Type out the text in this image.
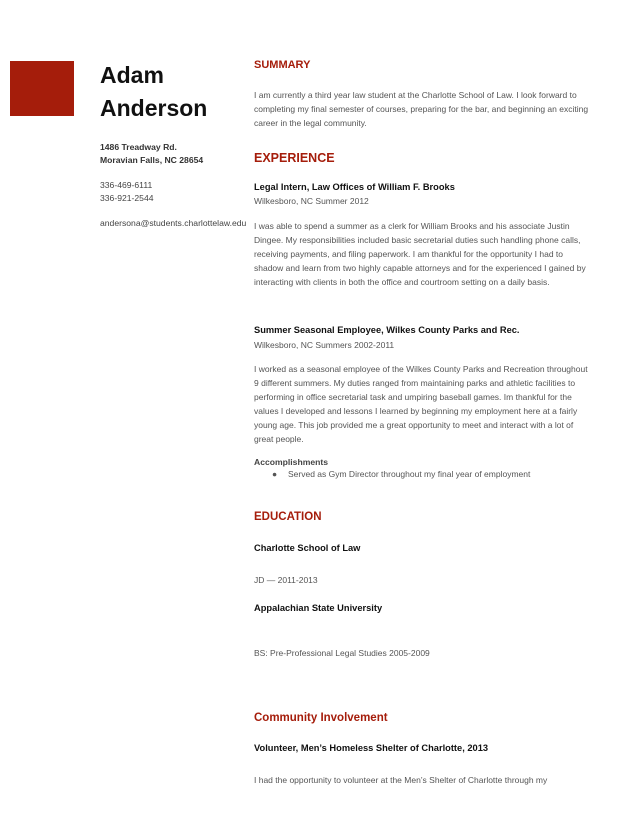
Adam
Anderson
1486 Treadway Rd.
Moravian Falls, NC 28654
336-469-6111
336-921-2544
andersona@students.charlottelaw.edu
SUMMARY
I am currently a third year law student at the Charlotte School of Law. I look forward to completing my final semester of courses, preparing for the bar, and beginning an exciting career in the legal community.
EXPERIENCE
Legal Intern, Law Offices of William F. Brooks
Wilkesboro, NC Summer 2012
I was able to spend a summer as a clerk for William Brooks and his associate Justin Dingee. My responsibilities included basic secretarial duties such handling phone calls, receiving payments, and filing paperwork. I am thankful for the opportunity I had to shadow and learn from two highly capable attorneys and for the experienced I gained by interacting with clients in both the office and courtroom setting on a daily basis.
Summer Seasonal Employee, Wilkes County Parks and Rec.
Wilkesboro, NC Summers 2002-2011
I worked as a seasonal employee of the Wilkes County Parks and Recreation throughout 9 different summers. My duties ranged from maintaining parks and athletic facilities to performing in office secretarial task and umpiring baseball games. Im thankful for the values I developed and lessons I learned by beginning my employment here at a fairly young age. This job provided me a great opportunity to meet and interact with a lot of great people.
Accomplishments
● Served as Gym Director throughout my final year of employment
EDUCATION
Charlotte School of Law
JD — 2011-2013
Appalachian State University
BS: Pre-Professional Legal Studies 2005-2009
Community Involvement
Volunteer, Men’s Homeless Shelter of Charlotte, 2013
I had the opportunity to volunteer at the Men’s Shelter of Charlotte through my
